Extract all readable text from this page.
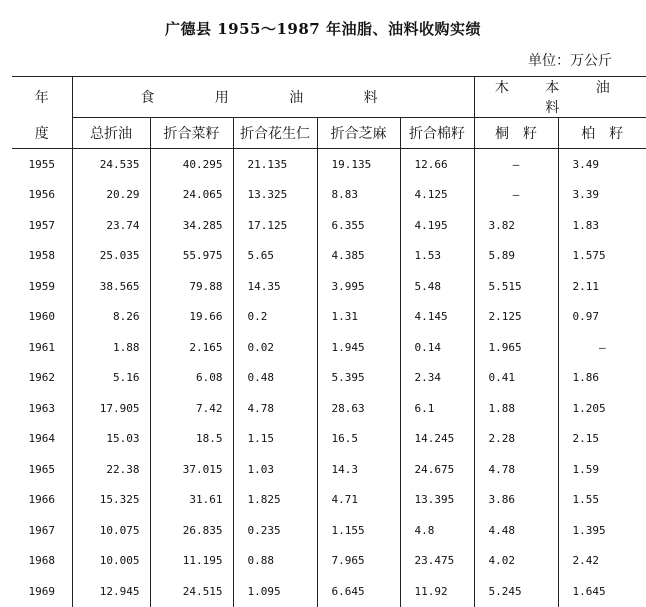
广德县 1955～1987 年油脂、油料收购实绩
单位：万公斤
年	食 用 油 料					木 本 油 料	
度	总折油	折合菜籽	折合花生仁	折合芝麻	折合棉籽	桐　籽	柏　籽
1955	24.535	40.295	21.135	19.135	12.66	—	3.49
1956	20.29	24.065	13.325	8.83	4.125	—	3.39
1957	23.74	34.285	17.125	6.355	4.195	3.82	1.83
1958	25.035	55.975	5.65	4.385	1.53	5.89	1.575
1959	38.565	79.88	14.35	3.995	5.48	5.515	2.11
1960	8.26	19.66	0.2	1.31	4.145	2.125	0.97
1961	1.88	2.165	0.02	1.945	0.14	1.965	—
1962	5.16	6.08	0.48	5.395	2.34	0.41	1.86
1963	17.905	7.42	4.78	28.63	6.1	1.88	1.205
1964	15.03	18.5	1.15	16.5	14.245	2.28	2.15
1965	22.38	37.015	1.03	14.3	24.675	4.78	1.59
1966	15.325	31.61	1.825	4.71	13.395	3.86	1.55
1967	10.075	26.835	0.235	1.155	4.8	4.48	1.395
1968	10.005	11.195	0.88	7.965	23.475	4.02	2.42
1969	12.945	24.515	1.095	6.645	11.92	5.245	1.645
